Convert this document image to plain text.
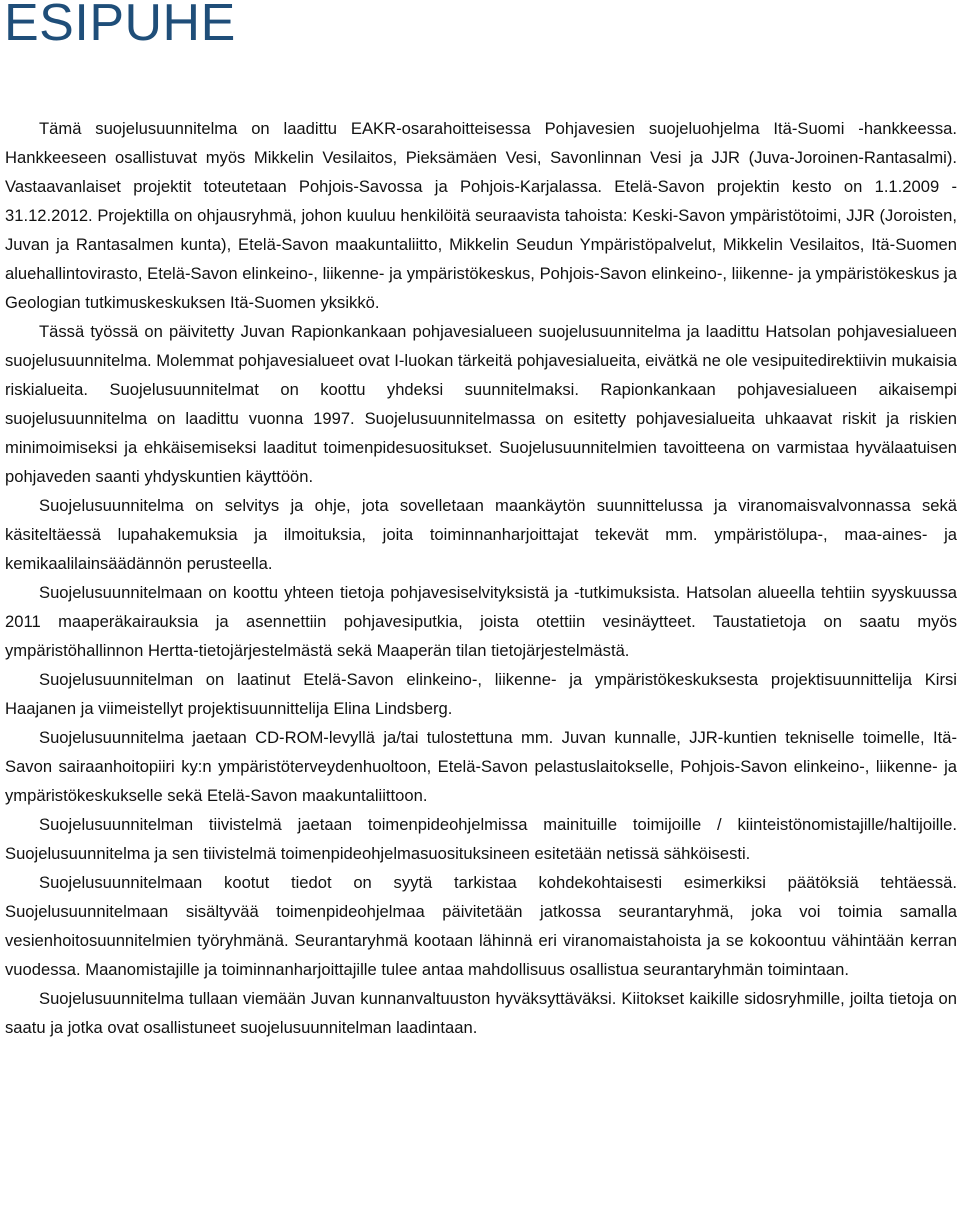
ESIPUHE

Tämä suojelusuunnitelma on laadittu EAKR-osarahoitteisessa Pohjavesien suojeluohjelma Itä-Suomi -hankkeessa. Hankkeeseen osallistuvat myös Mikkelin Vesilaitos, Pieksämäen Vesi, Savonlinnan Vesi ja JJR (Juva-Joroinen-Rantasalmi). Vastaavanlaiset projektit toteutetaan Pohjois-Savossa ja Pohjois-Karjalassa. Etelä-Savon projektin kesto on 1.1.2009 - 31.12.2012. Projektilla on ohjausryhmä, johon kuuluu henkilöitä seuraavista tahoista: Keski-Savon ympäristötoimi, JJR (Joroisten, Juvan ja Rantasalmen kunta), Etelä-Savon maakuntaliitto, Mikkelin Seudun Ympäristöpalvelut, Mikkelin Vesilaitos, Itä-Suomen aluehallintovirasto, Etelä-Savon elinkeino-, liikenne- ja ympäristökeskus, Pohjois-Savon elinkeino-, liikenne- ja ympäristökeskus ja Geologian tutkimuskeskuksen Itä-Suomen yksikkö.

Tässä työssä on päivitetty Juvan Rapionkankaan pohjavesialueen suojelusuunnitelma ja laadittu Hatsolan pohjavesialueen suojelusuunnitelma. Molemmat pohjavesialueet ovat I-luokan tärkeitä pohjavesialueita, eivätkä ne ole vesipuitedirektiivin mukaisia riskialueita. Suojelusuunnitelmat on koottu yhdeksi suunnitelmaksi. Rapionkankaan pohjavesialueen aikaisempi suojelusuunnitelma on laadittu vuonna 1997. Suojelusuunnitelmassa on esitetty pohjavesialueita uhkaavat riskit ja riskien minimoimiseksi ja ehkäisemiseksi laaditut toimenpidesuositukset. Suojelusuunnitelmien tavoitteena on varmistaa hyvälaatuisen pohjaveden saanti yhdyskuntien käyttöön.

Suojelusuunnitelma on selvitys ja ohje, jota sovelletaan maankäytön suunnittelussa ja viranomaisvalvonnassa sekä käsiteltäessä lupahakemuksia ja ilmoituksia, joita toiminnanharjoittajat tekevät mm. ympäristölupa-, maa-aines- ja kemikaalilainsäädännön perusteella.

Suojelusuunnitelmaan on koottu yhteen tietoja pohjavesiselvityksistä ja -tutkimuksista. Hatsolan alueella tehtiin syyskuussa 2011 maaperäkairauksia ja asennettiin pohjavesiputkia, joista otettiin vesinäytteet. Taustatietoja on saatu myös ympäristöhallinnon Hertta-tietojärjestelmästä sekä Maaperän tilan tietojärjestelmästä.

Suojelusuunnitelman on laatinut Etelä-Savon elinkeino-, liikenne- ja ympäristökeskuksesta projektisuunnittelija Kirsi Haajanen ja viimeistellyt projektisuunnittelija Elina Lindsberg.

Suojelusuunnitelma jaetaan CD-ROM-levyllä ja/tai tulostettuna mm. Juvan kunnalle, JJR-kuntien tekniselle toimelle, Itä-Savon sairaanhoitopiiri ky:n ympäristöterveydenhuoltoon, Etelä-Savon pelastuslaitokselle, Pohjois-Savon elinkeino-, liikenne- ja ympäristökeskukselle sekä Etelä-Savon maakuntaliittoon.

Suojelusuunnitelman tiivistelmä jaetaan toimenpideohjelmissa mainituille toimijoille / kiinteistönomistajille/haltijoille. Suojelusuunnitelma ja sen tiivistelmä toimenpideohjelmasuosituksineen esitetään netissä sähköisesti.

Suojelusuunnitelmaan kootut tiedot on syytä tarkistaa kohdekohtaisesti esimerkiksi päätöksiä tehtäessä. Suojelusuunnitelmaan sisältyvää toimenpideohjelmaa päivitetään jatkossa seurantaryhmä, joka voi toimia samalla vesienhoitosuunnitelmien työryhmänä. Seurantaryhmä kootaan lähinnä eri viranomaistahoista ja se kokoontuu vähintään kerran vuodessa. Maanomistajille ja toiminnanharjoittajille tulee antaa mahdollisuus osallistua seurantaryhmän toimintaan.

Suojelusuunnitelma tullaan viemään Juvan kunnanvaltuuston hyväksyttäväksi. Kiitokset kaikille sidosryhmille, joilta tietoja on saatu ja jotka ovat osallistuneet suojelusuunnitelman laadintaan.
